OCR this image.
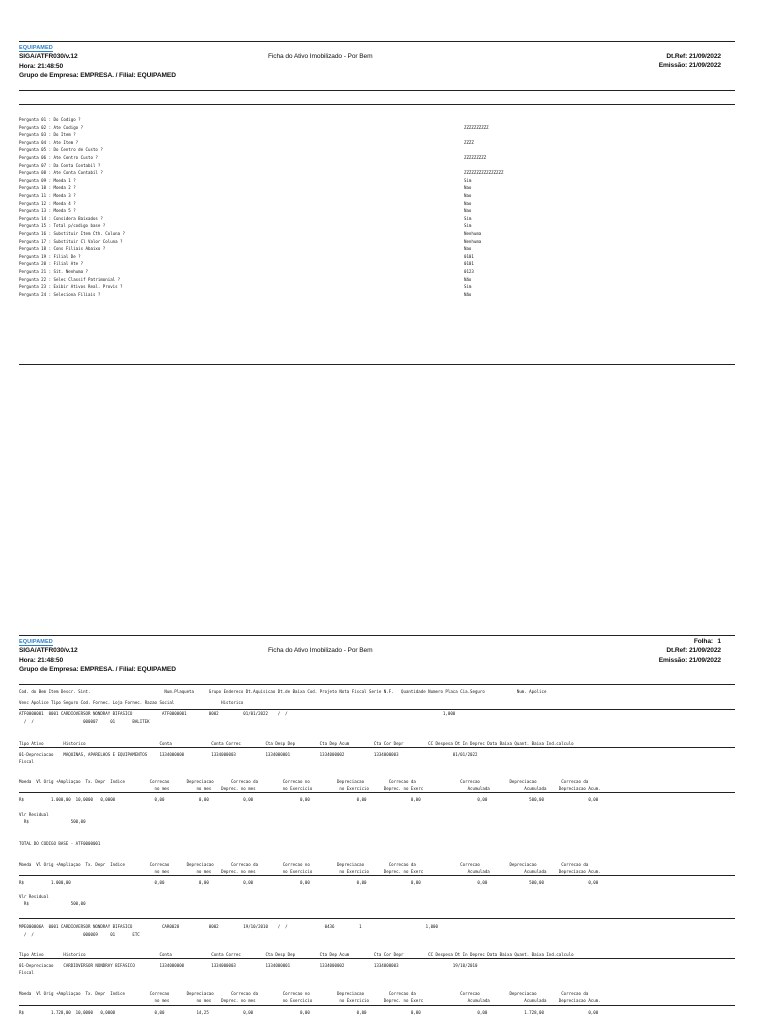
EQUIPAMED
SIGA/ATFR030/v.12
Hora: 21:48:50
Grupo de Empresa: EMPRESA. / Filial: EQUIPAMED
Ficha do Ativo Imobilizado - Por Bem	Dt.Ref: 21/09/2022
Emissão: 21/09/2022
Pergunta 01 : Do Codigo ?
Pergunta 02 : Ate Codigo ?	ZZZZZZZZZZ
Pergunta 03 : Do Item ?
Pergunta 04 : Ate Item ?	ZZZZ
Pergunta 05 : Do Centro de Custo ?
Pergunta 06 : Ate Centro Custo ?	ZZZZZZZZZ
Pergunta 07 : Da Conta Contabil ?
Pergunta 08 : Ate Conta Contabil ?	ZZZZZZZZZZZZZZZZ
Pergunta 09 : Moeda 1 ?	Sim
Pergunta 10 : Moeda 2 ?	Nao
Pergunta 11 : Moeda 3 ?	Nao
Pergunta 12 : Moeda 4 ?	Nao
Pergunta 13 : Moeda 5 ?	Nao
Pergunta 14 : Considera Baixados ?	Sim
Pergunta 15 : Total p/codigo base ?	Sim
Pergunta 16 : Substituir Item Cth. Coluna ?	Nenhuma
Pergunta 17 : Substituir Cl Valor Coluna ?	Nenhuma
Pergunta 18 : Cons Filiais Abaixo ?	Nao
Pergunta 19 : Filial De ?	0101
Pergunta 20 : Filial Ate ?	0101
Pergunta 21 : Sit. Nenhuma ?	0123
Pergunta 22 : Selec Classif Patrimonial ?	Não
Pergunta 23 : Exibir Ativos Real. Provis ?	Sim
Pergunta 24 : Seleciona Filiais ?	Não
EQUIPAMED
SIGA/ATFR030/v.12
Hora: 21:48:50
Grupo de Empresa: EMPRESA. / Filial: EQUIPAMED
Ficha do Ativo Imobilizado - Por Bem
Folha: 1
Dt.Ref: 21/09/2022
Emissão: 21/09/2022
Cod. do Bem Item Descr. Sint.                              Num.Plaqueta      Grupo Endereco Dt.Aquisicao Dt.de Baixa Cod. Projeto Nota Fiscal Serie N.F.   Quantidade Numero Placa Cia.Seguro             Num. Apolice
Venc Apolice Tipo Seguro Cod. Fornec. Loja Fornec. Razao Social                   Historico
ATF0000001  0001 CARDIOVERSOR NONDRAY BIFASICO            ATF0000001         0002          01/01/2022    /  /                                                               1,000
/  /                    000007     01       BALITEK
Tipo Ativo        Historico                              Conta                Conta Correc          Cta Desp Dep          Cta Dep Acum          Cta Cor Depr          CC Despesa Dt In Deprec Data Baixa Quant. Baixa Ind.calculo
01-Depreciacao    MAQUINAS, APARELHOS E EQUIPAMENTOS     1334000000           1334000003            1334000001            1334000002            1334000003                      01/01/2022
Fiscal
Moeda  Vl Orig +Ampliaçao  Tx. Depr  Indice          Correcao       Depreciacao       Correcao da          Correcao no           Depreciacao          Correcao da                  Correcao            Depreciacao          Correcao da
no mes           no mes    Deprec. no mes           no Exercicio           no Exercicio      Deprec. no Exerc                  Acumulada              Acumulada     Depreciacao Acum.
R$           1.000,00  10,0000   0,0000                0,00              0,00              0,00                   0,00                   0,00                  0,00                       0,00                 500,00                  0,00
Vlr Residual
R$                 500,00
TOTAL DO CODIGO BASE - ATF0000001
Moeda  Vl Orig +Ampliaçao  Tx. Depr  Indice          Correcao       Depreciacao       Correcao da          Correcao no           Depreciacao          Correcao da                  Correcao            Depreciacao          Correcao da
no mes           no mes    Deprec. no mes           no Exercicio           no Exercicio      Deprec. no Exerc                  Acumulada              Acumulada     Depreciacao Acum.
R$           1.000,00                                  0,00              0,00              0,00                   0,00                   0,00                  0,00                       0,00                 500,00                  0,00
Vlr Residual
R$                 500,00
MPE000006A  0001 CARDIOVERSOR NONDRAY BIFASICO            CAR0028            0002          19/10/2010    /  /               0436          1                          1,000
/  /                    000069     01       ETC
Tipo Ativo        Historico                              Conta                Conta Correc          Cta Desp Dep          Cta Dep Acum          Cta Cor Depr          CC Despesa Dt In Deprec Data Baixa Quant. Baixa Ind.calculo
01-Depreciacao    CARDIOVERSOR NONDRAY BIFASICO          1334000000           1334000003            1334000001            1334000002            1334000003                      19/10/2010
Fiscal
Moeda  Vl Orig +Ampliaçao  Tx. Depr  Indice          Correcao       Depreciacao       Correcao da          Correcao no           Depreciacao          Correcao da                  Correcao            Depreciacao          Correcao da
no mes           no mes    Deprec. no mes           no Exercicio           no Exercicio      Deprec. no Exerc                  Acumulada              Acumulada     Depreciacao Acum.
R$           1.728,00  10,0000   0,0000                0,00             14,25              0,00                   0,00                   0,00                  0,00                       0,00               1.728,00                  0,00
